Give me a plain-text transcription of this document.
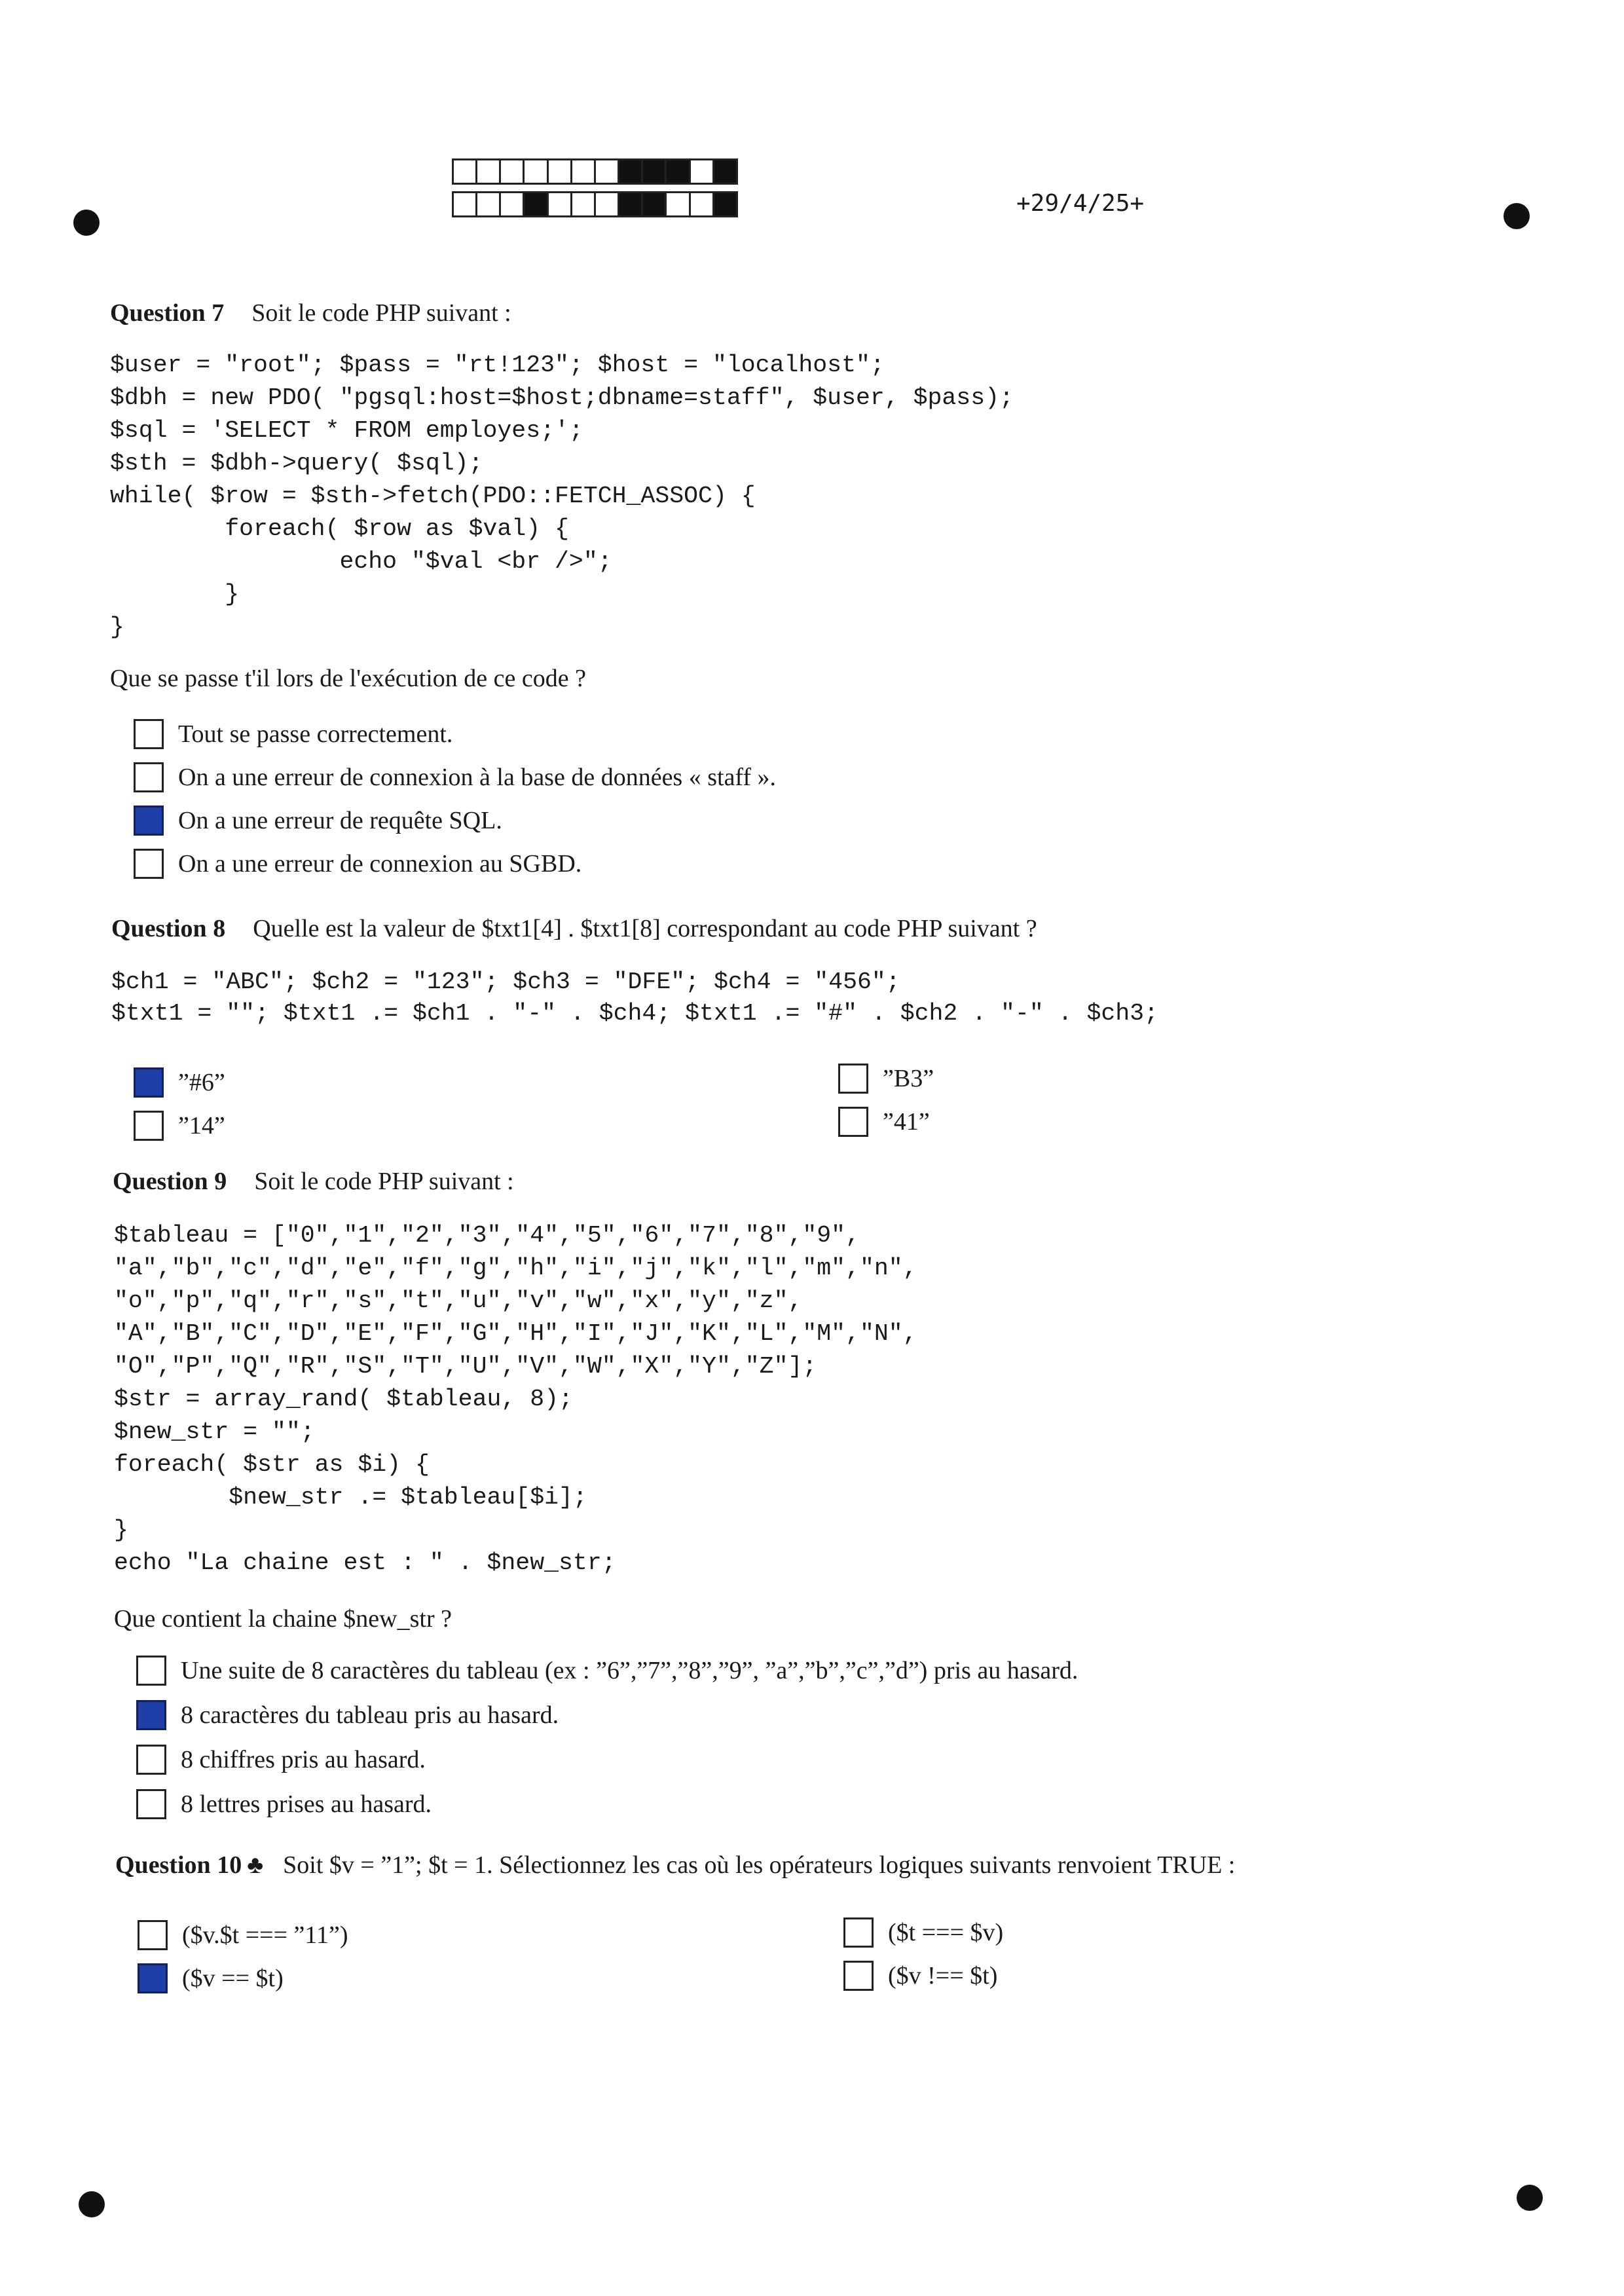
+29/4/25+
Question 7 Soit le code PHP suivant :
$user = "root"; $pass = "rt!123"; $host = "localhost";
$dbh = new PDO( "pgsql:host=$host;dbname=staff", $user, $pass);
$sql = 'SELECT * FROM employes;';
$sth = $dbh->query( $sql);
while( $row = $sth->fetch(PDO::FETCH_ASSOC) {
foreach( $row as $val) {
echo "$val <br />";
}
}
Que se passe t'il lors de l'exécution de ce code ?
Tout se passe correctement.
On a une erreur de connexion à la base de données « staff ».
On a une erreur de requête SQL.
On a une erreur de connexion au SGBD.
Question 8 Quelle est la valeur de $txt1[4] . $txt1[8] correspondant au code PHP suivant ?
$ch1 = "ABC"; $ch2 = "123"; $ch3 = "DFE"; $ch4 = "456";
$txt1 = ""; $txt1 .= $ch1 . "-" . $ch4; $txt1 .= "#" . $ch2 . "-" . $ch3;
”#6”
”14”
”B3”
”41”
Question 9 Soit le code PHP suivant :
$tableau = ["0","1","2","3","4","5","6","7","8","9",
"a","b","c","d","e","f","g","h","i","j","k","l","m","n",
"o","p","q","r","s","t","u","v","w","x","y","z",
"A","B","C","D","E","F","G","H","I","J","K","L","M","N",
"O","P","Q","R","S","T","U","V","W","X","Y","Z"];
$str = array_rand( $tableau, 8);
$new_str = "";
foreach( $str as $i) {
$new_str .= $tableau[$i];
}
echo "La chaine est : " . $new_str;
Que contient la chaine $new_str ?
Une suite de 8 caractères du tableau (ex : ”6”,”7”,”8”,”9”, ”a”,”b”,”c”,”d”) pris au hasard.
8 caractères du tableau pris au hasard.
8 chiffres pris au hasard.
8 lettres prises au hasard.
Question 10 ♣ Soit $v = ”1”; $t = 1. Sélectionnez les cas où les opérateurs logiques suivants renvoient TRUE :
($v.$t === ”11”)
($v == $t)
($t === $v)
($v !== $t)
